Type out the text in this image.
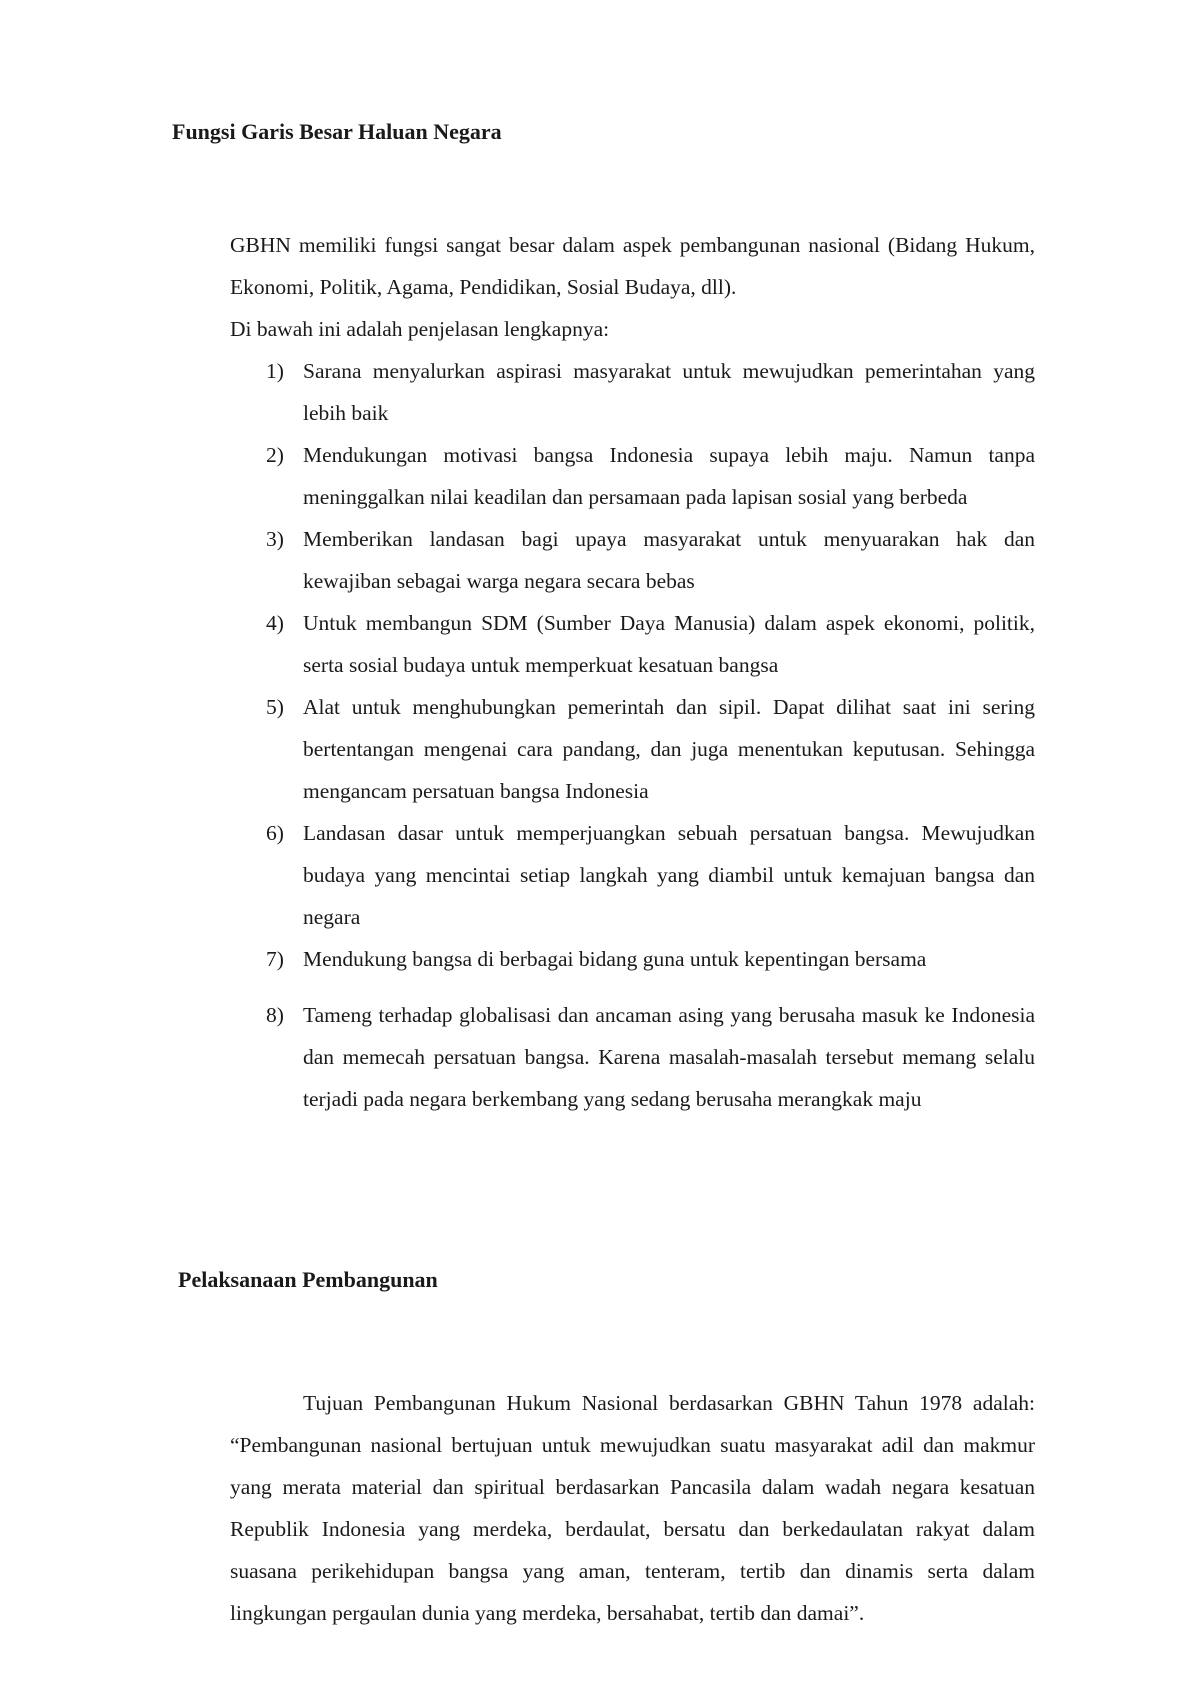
Fungsi Garis Besar Haluan Negara

GBHN memiliki fungsi sangat besar dalam aspek pembangunan nasional (Bidang Hukum, Ekonomi, Politik, Agama, Pendidikan, Sosial Budaya, dll).

Di bawah ini adalah penjelasan lengkapnya:

1) Sarana menyalurkan aspirasi masyarakat untuk mewujudkan pemerintahan yang lebih baik
2) Mendukungan motivasi bangsa Indonesia supaya lebih maju. Namun tanpa meninggalkan nilai keadilan dan persamaan pada lapisan sosial yang berbeda
3) Memberikan landasan bagi upaya masyarakat untuk menyuarakan hak dan kewajiban sebagai warga negara secara bebas
4) Untuk membangun SDM (Sumber Daya Manusia) dalam aspek ekonomi, politik, serta sosial budaya untuk memperkuat kesatuan bangsa
5) Alat untuk menghubungkan pemerintah dan sipil. Dapat dilihat saat ini sering bertentangan mengenai cara pandang, dan juga menentukan keputusan. Sehingga mengancam persatuan bangsa Indonesia
6) Landasan dasar untuk memperjuangkan sebuah persatuan bangsa. Mewujudkan budaya yang mencintai setiap langkah yang diambil untuk kemajuan bangsa dan negara
7) Mendukung bangsa di berbagai bidang guna untuk kepentingan bersama
8) Tameng terhadap globalisasi dan ancaman asing yang berusaha masuk ke Indonesia dan memecah persatuan bangsa. Karena masalah-masalah tersebut memang selalu terjadi pada negara berkembang yang sedang berusaha merangkak maju
Pelaksanaan Pembangunan

Tujuan Pembangunan Hukum Nasional berdasarkan GBHN Tahun 1978 adalah: “Pembangunan nasional bertujuan untuk mewujudkan suatu masyarakat adil dan makmur yang merata material dan spiritual berdasarkan Pancasila dalam wadah negara kesatuan Republik Indonesia yang merdeka, berdaulat, bersatu dan berkedaulatan rakyat dalam suasana perikehidupan bangsa yang aman, tenteram, tertib dan dinamis serta dalam lingkungan pergaulan dunia yang merdeka, bersahabat, tertib dan damai”.
